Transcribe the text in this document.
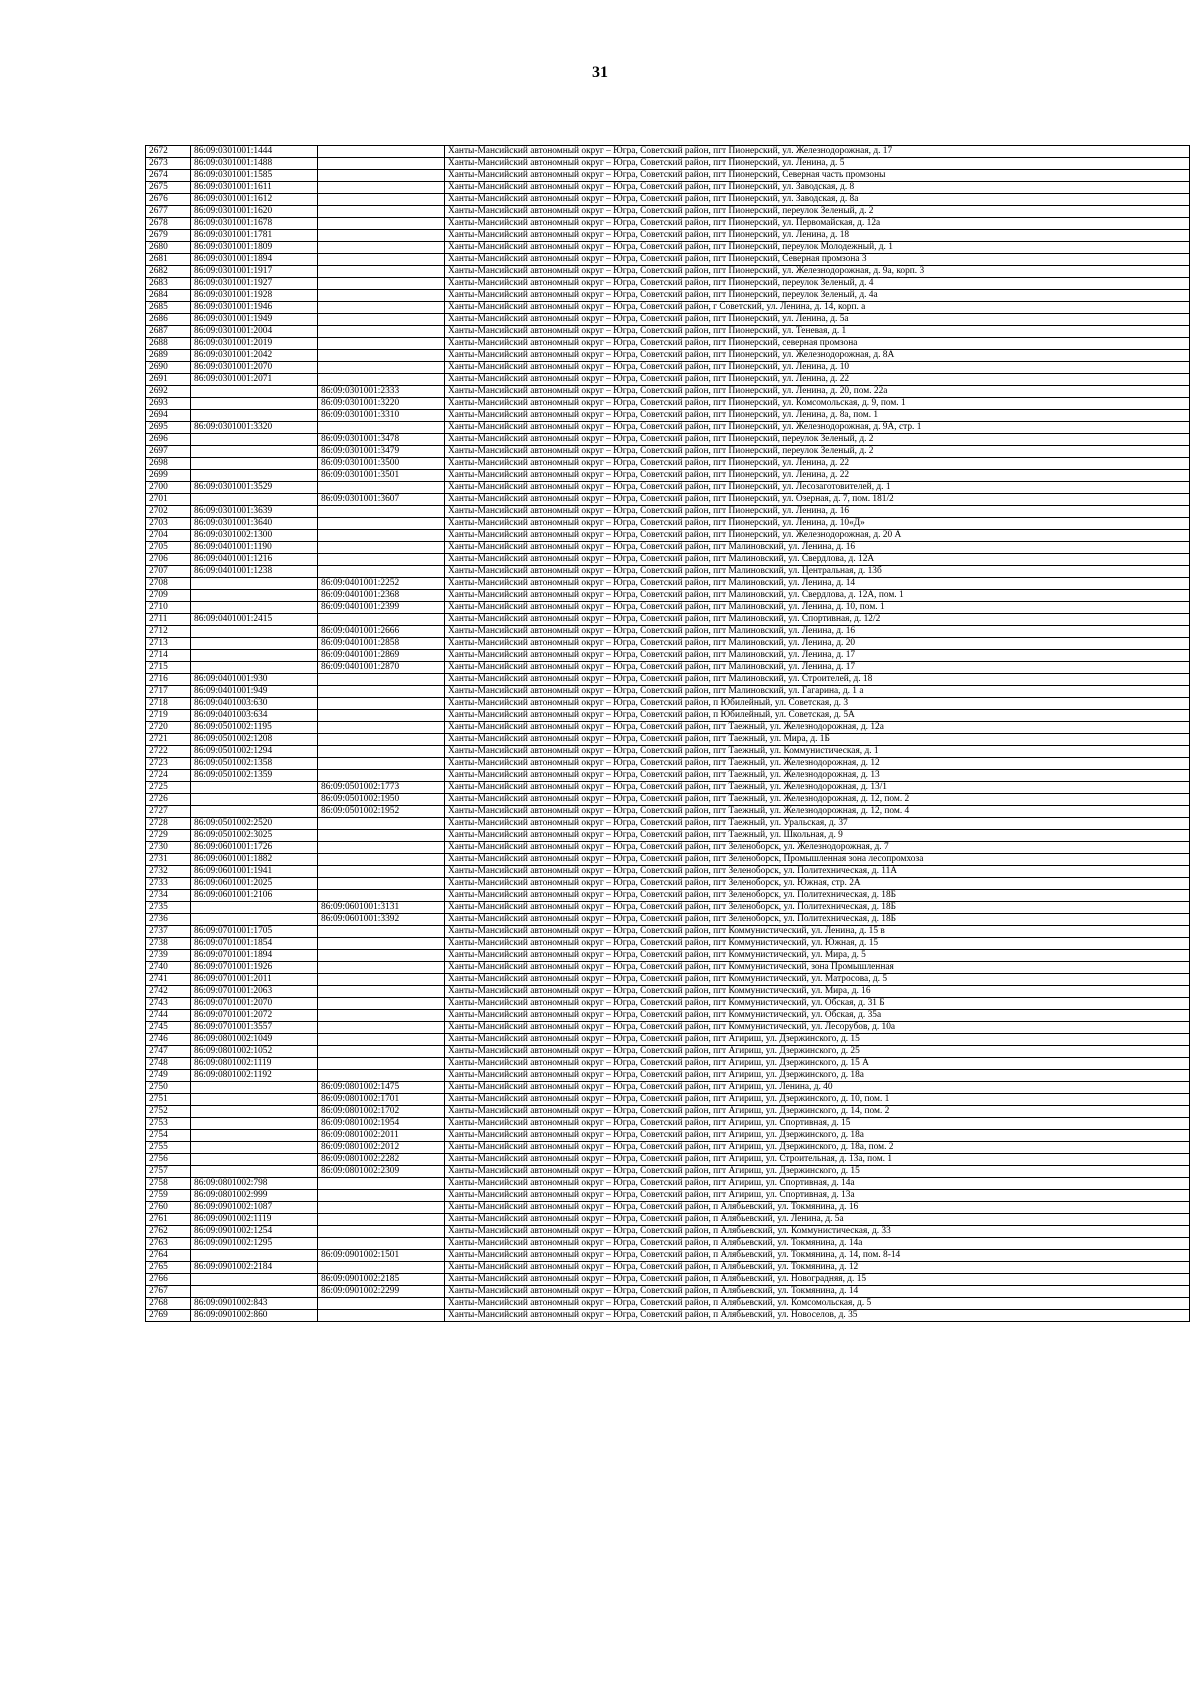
31
2672	86:09:0301001:1444		Ханты-Мансийский автономный округ – Югра, Советский район, пгт Пионерский, ул. Железнодорожная, д. 17
2673	86:09:0301001:1488		Ханты-Мансийский автономный округ – Югра, Советский район, пгт Пионерский, ул. Ленина, д. 5
2674	86:09:0301001:1585		Ханты-Мансийский автономный округ – Югра, Советский район, пгт Пионерский, Северная часть промзоны
2675	86:09:0301001:1611		Ханты-Мансийский автономный округ – Югра, Советский район, пгт Пионерский, ул. Заводская, д. 8
2676	86:09:0301001:1612		Ханты-Мансийский автономный округ – Югра, Советский район, пгт Пионерский, ул. Заводская, д. 8а
2677	86:09:0301001:1620		Ханты-Мансийский автономный округ – Югра, Советский район, пгт Пионерский, переулок Зеленый, д. 2
2678	86:09:0301001:1678		Ханты-Мансийский автономный округ – Югра, Советский район, пгт Пионерский, ул. Первомайская, д. 12а
2679	86:09:0301001:1781		Ханты-Мансийский автономный округ – Югра, Советский район, пгт Пионерский, ул. Ленина, д. 18
2680	86:09:0301001:1809		Ханты-Мансийский автономный округ – Югра, Советский район, пгт Пионерский, переулок Молодежный, д. 1
2681	86:09:0301001:1894		Ханты-Мансийский автономный округ – Югра, Советский район, пгт Пионерский, Северная промзона 3
2682	86:09:0301001:1917		Ханты-Мансийский автономный округ – Югра, Советский район, пгт Пионерский, ул. Железнодорожная, д. 9а, корп. 3
2683	86:09:0301001:1927		Ханты-Мансийский автономный округ – Югра, Советский район, пгт Пионерский, переулок Зеленый, д. 4
2684	86:09:0301001:1928		Ханты-Мансийский автономный округ – Югра, Советский район, пгт Пионерский, переулок Зеленый, д. 4а
2685	86:09:0301001:1946		Ханты-Мансийский автономный округ – Югра, Советский район, г Советский, ул. Ленина, д. 14, корп. а
2686	86:09:0301001:1949		Ханты-Мансийский автономный округ – Югра, Советский район, пгт Пионерский, ул. Ленина, д. 5а
2687	86:09:0301001:2004		Ханты-Мансийский автономный округ – Югра, Советский район, пгт Пионерский, ул. Теневая, д. 1
2688	86:09:0301001:2019		Ханты-Мансийский автономный округ – Югра, Советский район, пгт Пионерский, северная промзона
2689	86:09:0301001:2042		Ханты-Мансийский автономный округ – Югра, Советский район, пгт Пионерский, ул. Железнодорожная, д. 8А
2690	86:09:0301001:2070		Ханты-Мансийский автономный округ – Югра, Советский район, пгт Пионерский, ул. Ленина, д. 10
2691	86:09:0301001:2071		Ханты-Мансийский автономный округ – Югра, Советский район, пгт Пионерский, ул. Ленина, д. 22
2692		86:09:0301001:2333	Ханты-Мансийский автономный округ – Югра, Советский район, пгт Пионерский, ул. Ленина, д. 20, пом. 22а
2693		86:09:0301001:3220	Ханты-Мансийский автономный округ – Югра, Советский район, пгт Пионерский, ул. Комсомольская, д. 9, пом. 1
2694		86:09:0301001:3310	Ханты-Мансийский автономный округ – Югра, Советский район, пгт Пионерский, ул. Ленина, д. 8а, пом. 1
2695	86:09:0301001:3320		Ханты-Мансийский автономный округ – Югра, Советский район, пгт Пионерский, ул. Железнодорожная, д. 9А, стр. 1
2696		86:09:0301001:3478	Ханты-Мансийский автономный округ – Югра, Советский район, пгт Пионерский, переулок Зеленый, д. 2
2697		86:09:0301001:3479	Ханты-Мансийский автономный округ – Югра, Советский район, пгт Пионерский, переулок Зеленый, д. 2
2698		86:09:0301001:3500	Ханты-Мансийский автономный округ – Югра, Советский район, пгт Пионерский, ул. Ленина, д. 22
2699		86:09:0301001:3501	Ханты-Мансийский автономный округ – Югра, Советский район, пгт Пионерский, ул. Ленина, д. 22
2700	86:09:0301001:3529		Ханты-Мансийский автономный округ – Югра, Советский район, пгт Пионерский, ул. Лесозаготовителей, д. 1
2701		86:09:0301001:3607	Ханты-Мансийский автономный округ – Югра, Советский район, пгт Пионерский, ул. Озерная, д. 7, пом. 181/2
2702	86:09:0301001:3639		Ханты-Мансийский автономный округ – Югра, Советский район, пгт Пионерский, ул. Ленина, д. 16
2703	86:09:0301001:3640		Ханты-Мансийский автономный округ – Югра, Советский район, пгт Пионерский, ул. Ленина, д. 10«Д»
2704	86:09:0301002:1300		Ханты-Мансийский автономный округ – Югра, Советский район, пгт Пионерский, ул. Железнодорожная, д. 20 А
2705	86:09:0401001:1190		Ханты-Мансийский автономный округ – Югра, Советский район, пгт Малиновский, ул. Ленина, д. 16
2706	86:09:0401001:1216		Ханты-Мансийский автономный округ – Югра, Советский район, пгт Малиновский, ул. Свердлова, д. 12А
2707	86:09:0401001:1238		Ханты-Мансийский автономный округ – Югра, Советский район, пгт Малиновский, ул. Центральная, д. 13б
2708		86:09:0401001:2252	Ханты-Мансийский автономный округ – Югра, Советский район, пгт Малиновский, ул. Ленина, д. 14
2709		86:09:0401001:2368	Ханты-Мансийский автономный округ – Югра, Советский район, пгт Малиновский, ул. Свердлова, д. 12А, пом. 1
2710		86:09:0401001:2399	Ханты-Мансийский автономный округ – Югра, Советский район, пгт Малиновский, ул. Ленина, д. 10, пом. 1
2711	86:09:0401001:2415		Ханты-Мансийский автономный округ – Югра, Советский район, пгт Малиновский, ул. Спортивная, д. 12/2
2712		86:09:0401001:2666	Ханты-Мансийский автономный округ – Югра, Советский район, пгт Малиновский, ул. Ленина, д. 16
2713		86:09:0401001:2858	Ханты-Мансийский автономный округ – Югра, Советский район, пгт Малиновский, ул. Ленина, д. 20
2714		86:09:0401001:2869	Ханты-Мансийский автономный округ – Югра, Советский район, пгт Малиновский, ул. Ленина, д. 17
2715		86:09:0401001:2870	Ханты-Мансийский автономный округ – Югра, Советский район, пгт Малиновский, ул. Ленина, д. 17
2716	86:09:0401001:930		Ханты-Мансийский автономный округ – Югра, Советский район, пгт Малиновский, ул. Строителей, д. 18
2717	86:09:0401001:949		Ханты-Мансийский автономный округ – Югра, Советский район, пгт Малиновский, ул. Гагарина, д. 1 а
2718	86:09:0401003:630		Ханты-Мансийский автономный округ – Югра, Советский район, п Юбилейный, ул. Советская, д. 3
2719	86:09:0401003:634		Ханты-Мансийский автономный округ – Югра, Советский район, п Юбилейный, ул. Советская, д. 5А
2720	86:09:0501002:1195		Ханты-Мансийский автономный округ – Югра, Советский район, пгт Таежный, ул. Железнодорожная, д. 12а
2721	86:09:0501002:1208		Ханты-Мансийский автономный округ – Югра, Советский район, пгт Таежный, ул. Мира, д. 1Б
2722	86:09:0501002:1294		Ханты-Мансийский автономный округ – Югра, Советский район, пгт Таежный, ул. Коммунистическая, д. 1
2723	86:09:0501002:1358		Ханты-Мансийский автономный округ – Югра, Советский район, пгт Таежный, ул. Железнодорожная, д. 12
2724	86:09:0501002:1359		Ханты-Мансийский автономный округ – Югра, Советский район, пгт Таежный, ул. Железнодорожная, д. 13
2725		86:09:0501002:1773	Ханты-Мансийский автономный округ – Югра, Советский район, пгт Таежный, ул. Железнодорожная, д. 13/1
2726		86:09:0501002:1950	Ханты-Мансийский автономный округ – Югра, Советский район, пгт Таежный, ул. Железнодорожная, д. 12, пом. 2
2727		86:09:0501002:1952	Ханты-Мансийский автономный округ – Югра, Советский район, пгт Таежный, ул. Железнодорожная, д. 12, пом. 4
2728	86:09:0501002:2520		Ханты-Мансийский автономный округ – Югра, Советский район, пгт Таежный, ул. Уральская, д. 37
2729	86:09:0501002:3025		Ханты-Мансийский автономный округ – Югра, Советский район, пгт Таежный, ул. Школьная, д. 9
2730	86:09:0601001:1726		Ханты-Мансийский автономный округ – Югра, Советский район, пгт Зеленоборск, ул. Железнодорожная, д. 7
2731	86:09:0601001:1882		Ханты-Мансийский автономный округ – Югра, Советский район, пгт Зеленоборск, Промышленная зона лесопромхоза
2732	86:09:0601001:1941		Ханты-Мансийский автономный округ – Югра, Советский район, пгт Зеленоборск, ул. Политехническая, д. 11А
2733	86:09:0601001:2025		Ханты-Мансийский автономный округ – Югра, Советский район, пгт Зеленоборск, ул. Южная, стр. 2А
2734	86:09:0601001:2106		Ханты-Мансийский автономный округ – Югра, Советский район, пгт Зеленоборск, ул. Политехническая, д. 18Б
2735		86:09:0601001:3131	Ханты-Мансийский автономный округ – Югра, Советский район, пгт Зеленоборск, ул. Политехническая, д. 18Б
2736		86:09:0601001:3392	Ханты-Мансийский автономный округ – Югра, Советский район, пгт Зеленоборск, ул. Политехническая, д. 18Б
2737	86:09:0701001:1705		Ханты-Мансийский автономный округ – Югра, Советский район, пгт Коммунистический, ул. Ленина, д. 15 в
2738	86:09:0701001:1854		Ханты-Мансийский автономный округ – Югра, Советский район, пгт Коммунистический, ул. Южная, д. 15
2739	86:09:0701001:1894		Ханты-Мансийский автономный округ – Югра, Советский район, пгт Коммунистический, ул. Мира, д. 5
2740	86:09:0701001:1926		Ханты-Мансийский автономный округ – Югра, Советский район, пгт Коммунистический, зона Промышленная
2741	86:09:0701001:2011		Ханты-Мансийский автономный округ – Югра, Советский район, пгт Коммунистический, ул. Матросова, д. 5
2742	86:09:0701001:2063		Ханты-Мансийский автономный округ – Югра, Советский район, пгт Коммунистический, ул. Мира, д. 16
2743	86:09:0701001:2070		Ханты-Мансийский автономный округ – Югра, Советский район, пгт Коммунистический, ул. Обская, д. 31 Б
2744	86:09:0701001:2072		Ханты-Мансийский автономный округ – Югра, Советский район, пгт Коммунистический, ул. Обская, д. 35а
2745	86:09:0701001:3557		Ханты-Мансийский автономный округ – Югра, Советский район, пгт Коммунистический, ул. Лесорубов, д. 10а
2746	86:09:0801002:1049		Ханты-Мансийский автономный округ – Югра, Советский район, пгт Агириш, ул. Дзержинского, д. 15
2747	86:09:0801002:1052		Ханты-Мансийский автономный округ – Югра, Советский район, пгт Агириш, ул. Дзержинского, д. 25
2748	86:09:0801002:1119		Ханты-Мансийский автономный округ – Югра, Советский район, пгт Агириш, ул. Дзержинского, д. 15 А
2749	86:09:0801002:1192		Ханты-Мансийский автономный округ – Югра, Советский район, пгт Агириш, ул. Дзержинского, д. 18а
2750		86:09:0801002:1475	Ханты-Мансийский автономный округ – Югра, Советский район, пгт Агириш, ул. Ленина, д. 40
2751		86:09:0801002:1701	Ханты-Мансийский автономный округ – Югра, Советский район, пгт Агириш, ул. Дзержинского, д. 10, пом. 1
2752		86:09:0801002:1702	Ханты-Мансийский автономный округ – Югра, Советский район, пгт Агириш, ул. Дзержинского, д. 14, пом. 2
2753		86:09:0801002:1954	Ханты-Мансийский автономный округ – Югра, Советский район, пгт Агириш, ул. Спортивная, д. 15
2754		86:09:0801002:2011	Ханты-Мансийский автономный округ – Югра, Советский район, пгт Агириш, ул. Дзержинского, д. 18а
2755		86:09:0801002:2012	Ханты-Мансийский автономный округ – Югра, Советский район, пгт Агириш, ул. Дзержинского, д. 18а, пом. 2
2756		86:09:0801002:2282	Ханты-Мансийский автономный округ – Югра, Советский район, пгт Агириш, ул. Строительная, д. 13а, пом. 1
2757		86:09:0801002:2309	Ханты-Мансийский автономный округ – Югра, Советский район, пгт Агириш, ул. Дзержинского, д. 15
2758	86:09:0801002:798		Ханты-Мансийский автономный округ – Югра, Советский район, пгт Агириш, ул. Спортивная, д. 14а
2759	86:09:0801002:999		Ханты-Мансийский автономный округ – Югра, Советский район, пгт Агириш, ул. Спортивная, д. 13а
2760	86:09:0901002:1087		Ханты-Мансийский автономный округ – Югра, Советский район, п Алябьевский, ул. Токмянина, д. 16
2761	86:09:0901002:1119		Ханты-Мансийский автономный округ – Югра, Советский район, п Алябьевский, ул. Ленина, д. 5а
2762	86:09:0901002:1254		Ханты-Мансийский автономный округ – Югра, Советский район, п Алябьевский, ул. Коммунистическая, д. 33
2763	86:09:0901002:1295		Ханты-Мансийский автономный округ – Югра, Советский район, п Алябьевский, ул. Токмянина, д. 14а
2764		86:09:0901002:1501	Ханты-Мансийский автономный округ – Югра, Советский район, п Алябьевский, ул. Токмянина, д. 14, пом. 8-14
2765	86:09:0901002:2184		Ханты-Мансийский автономный округ – Югра, Советский район, п Алябьевский, ул. Токмянина, д. 12
2766		86:09:0901002:2185	Ханты-Мансийский автономный округ – Югра, Советский район, п Алябьевский, ул. Новоградняя, д. 15
2767		86:09:0901002:2299	Ханты-Мансийский автономный округ – Югра, Советский район, п Алябьевский, ул. Токмянина, д. 14
2768	86:09:0901002:843		Ханты-Мансийский автономный округ – Югра, Советский район, п Алябьевский, ул. Комсомольская, д. 5
2769	86:09:0901002:860		Ханты-Мансийский автономный округ – Югра, Советский район, п Алябьевский, ул. Новоселов, д. 35
